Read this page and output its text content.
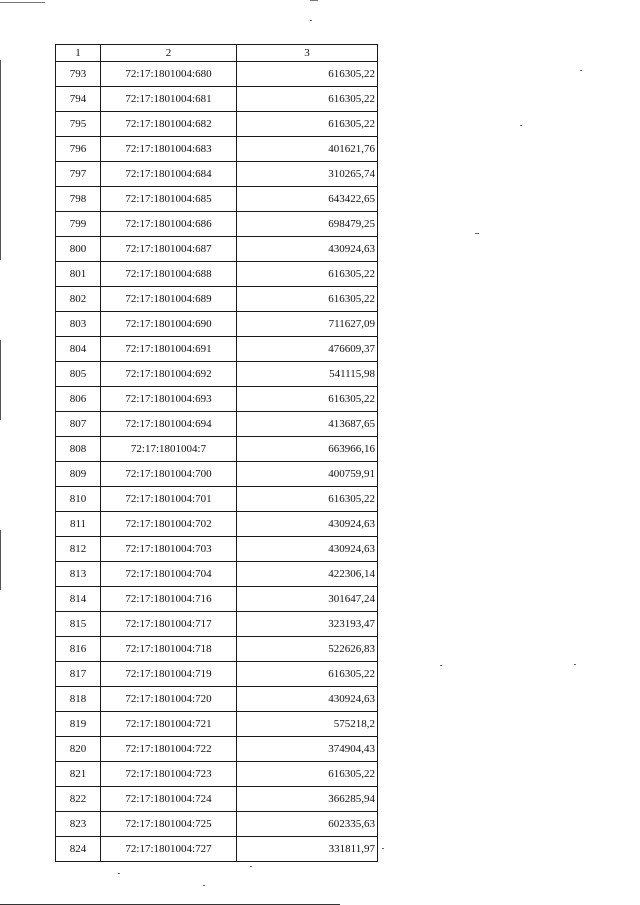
1	2	3
793	72:17:1801004:680	616305,22
794	72:17:1801004:681	616305,22
795	72:17:1801004:682	616305,22
796	72:17:1801004:683	401621,76
797	72:17:1801004:684	310265,74
798	72:17:1801004:685	643422,65
799	72:17:1801004:686	698479,25
800	72:17:1801004:687	430924,63
801	72:17:1801004:688	616305,22
802	72:17:1801004:689	616305,22
803	72:17:1801004:690	711627,09
804	72:17:1801004:691	476609,37
805	72:17:1801004:692	541115,98
806	72:17:1801004:693	616305,22
807	72:17:1801004:694	413687,65
808	72:17:1801004:7	663966,16
809	72:17:1801004:700	400759,91
810	72:17:1801004:701	616305,22
811	72:17:1801004:702	430924,63
812	72:17:1801004:703	430924,63
813	72:17:1801004:704	422306,14
814	72:17:1801004:716	301647,24
815	72:17:1801004:717	323193,47
816	72:17:1801004:718	522626,83
817	72:17:1801004:719	616305,22
818	72:17:1801004:720	430924,63
819	72:17:1801004:721	575218,2
820	72:17:1801004:722	374904,43
821	72:17:1801004:723	616305,22
822	72:17:1801004:724	366285,94
823	72:17:1801004:725	602335,63
824	72:17:1801004:727	331811,97
